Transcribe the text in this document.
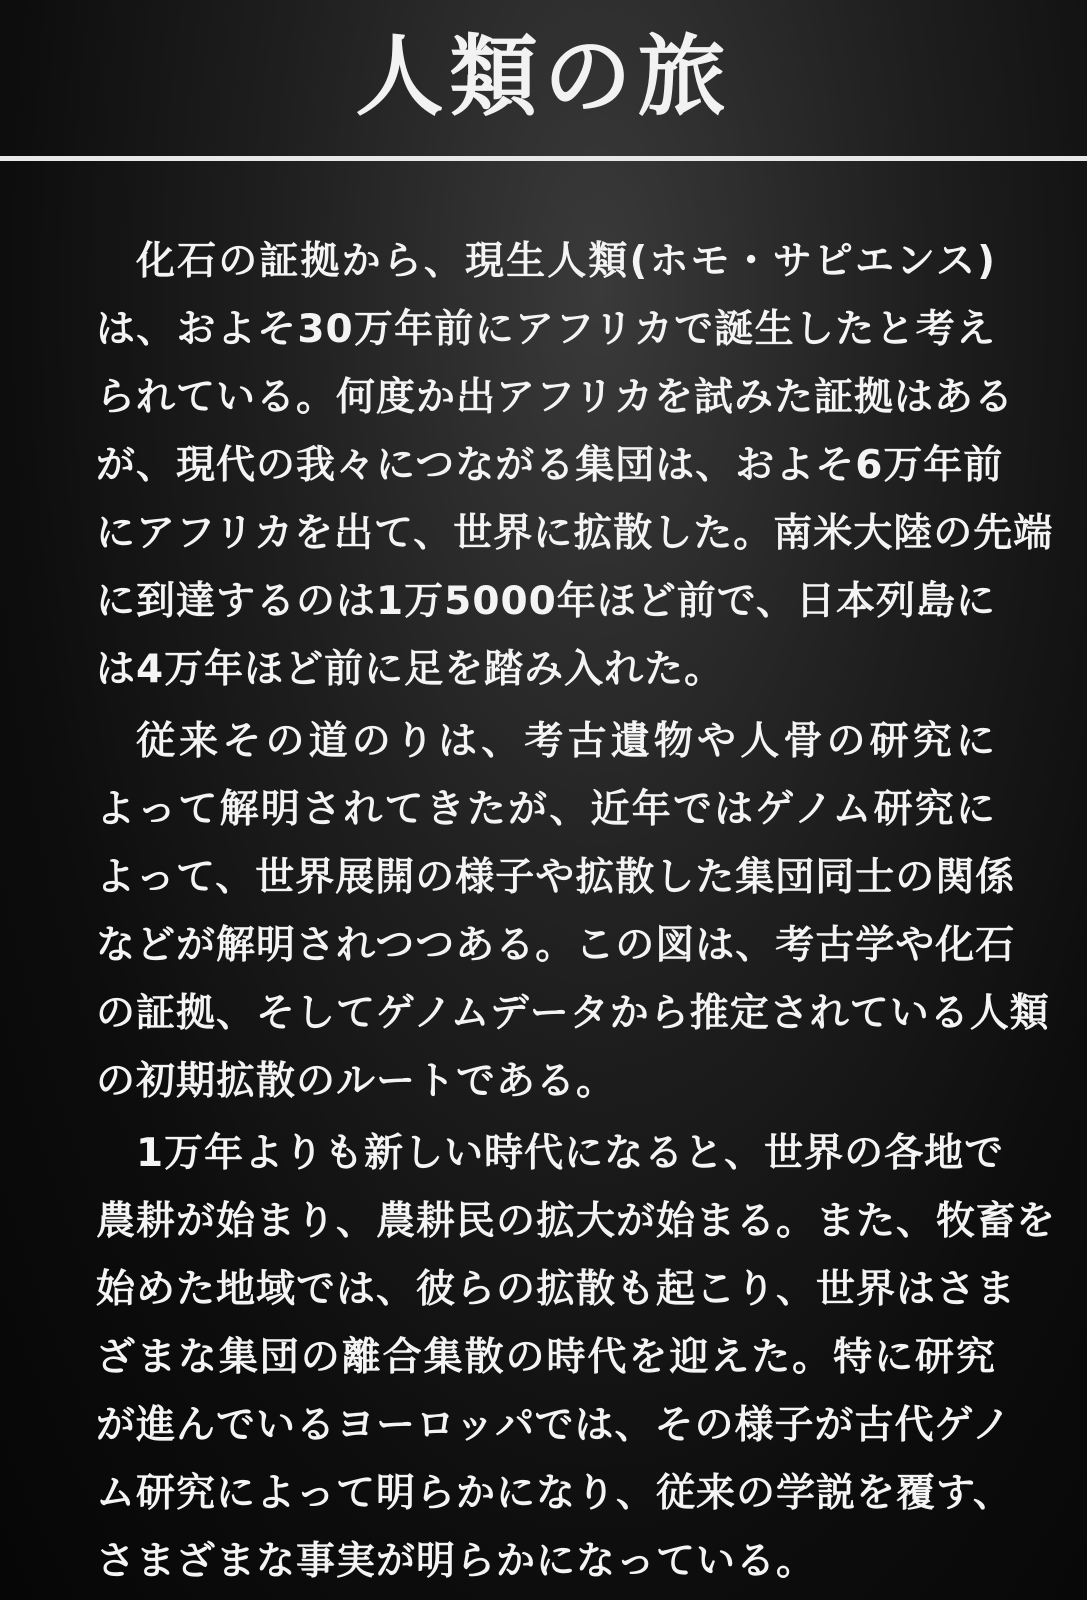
人類の旅
化石の証拠から、現生人類(ホモ・サピエンス)
は、およそ30万年前にアフリカで誕生したと考え
られている。何度か出アフリカを試みた証拠はある
が、現代の我々につながる集団は、およそ6万年前
にアフリカを出て、世界に拡散した。南米大陸の先端
に到達するのは1万5000年ほど前で、日本列島に
は4万年ほど前に足を踏み入れた。
従来その道のりは、考古遺物や人骨の研究に
よって解明されてきたが、近年ではゲノム研究に
よって、世界展開の様子や拡散した集団同士の関係
などが解明されつつある。この図は、考古学や化石
の証拠、そしてゲノムデータから推定されている人類
の初期拡散のルートである。
1万年よりも新しい時代になると、世界の各地で
農耕が始まり、農耕民の拡大が始まる。また、牧畜を
始めた地域では、彼らの拡散も起こり、世界はさま
ざまな集団の離合集散の時代を迎えた。特に研究
が進んでいるヨーロッパでは、その様子が古代ゲノ
ム研究によって明らかになり、従来の学説を覆す、
さまざまな事実が明らかになっている。
